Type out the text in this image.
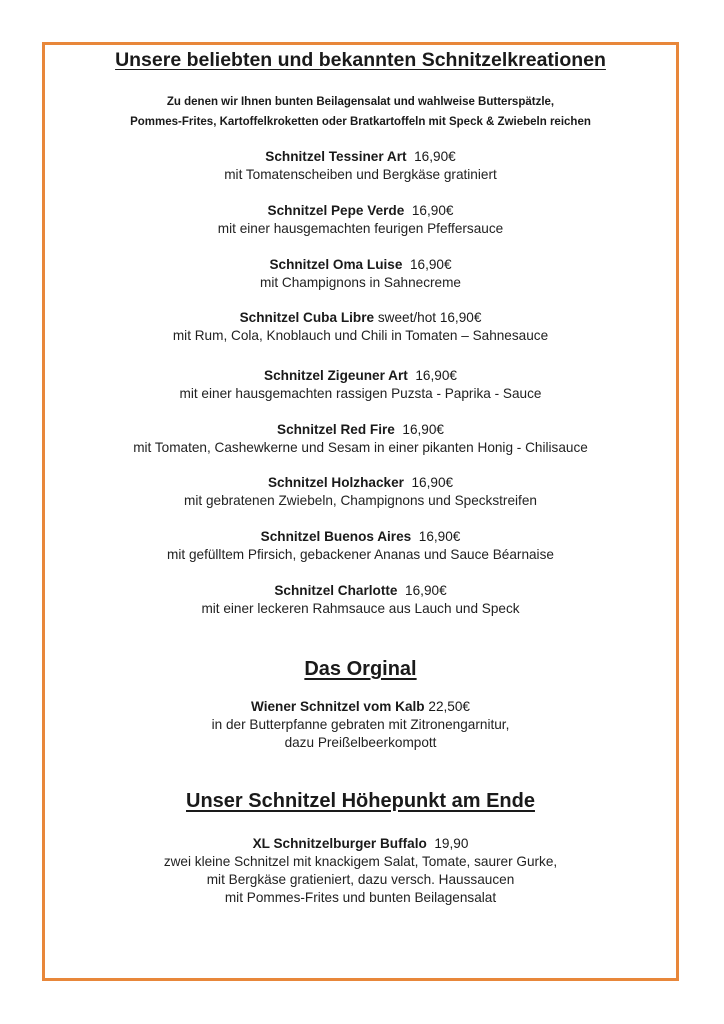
Unsere beliebten und bekannten Schnitzelkreationen
Zu denen wir Ihnen bunten Beilagensalat und wahlweise Butterspätzle,
Pommes-Frites, Kartoffelkroketten oder Bratkartoffeln mit Speck & Zwiebeln reichen
Schnitzel Tessiner Art 16,90€
mit Tomatenscheiben und Bergkäse gratiniert
Schnitzel Pepe Verde 16,90€
mit einer hausgemachten feurigen Pfeffersauce
Schnitzel Oma Luise 16,90€
mit Champignons in Sahnecreme
Schnitzel Cuba Libre sweet/hot 16,90€
mit Rum, Cola, Knoblauch und Chili in Tomaten – Sahnesauce
Schnitzel Zigeuner Art 16,90€
mit einer hausgemachten rassigen Puzsta - Paprika - Sauce
Schnitzel Red Fire 16,90€
mit Tomaten, Cashewkerne und Sesam in einer pikanten Honig - Chilisauce
Schnitzel Holzhacker 16,90€
mit gebratenen Zwiebeln, Champignons und Speckstreifen
Schnitzel Buenos Aires 16,90€
mit gefülltem Pfirsich, gebackener Ananas und Sauce Béarnaise
Schnitzel Charlotte 16,90€
mit einer leckeren Rahmsauce aus Lauch und Speck
Das Orginal
Wiener Schnitzel vom Kalb 22,50€
in der Butterpfanne gebraten mit Zitronengarnitur,
dazu Preißelbeerkompott
Unser Schnitzel Höhepunkt am Ende
XL Schnitzelburger Buffalo 19,90
zwei kleine Schnitzel mit knackigem Salat, Tomate, saurer Gurke,
mit Bergkäse gratieniert, dazu versch. Haussaucen
mit Pommes-Frites und bunten Beilagensalat
